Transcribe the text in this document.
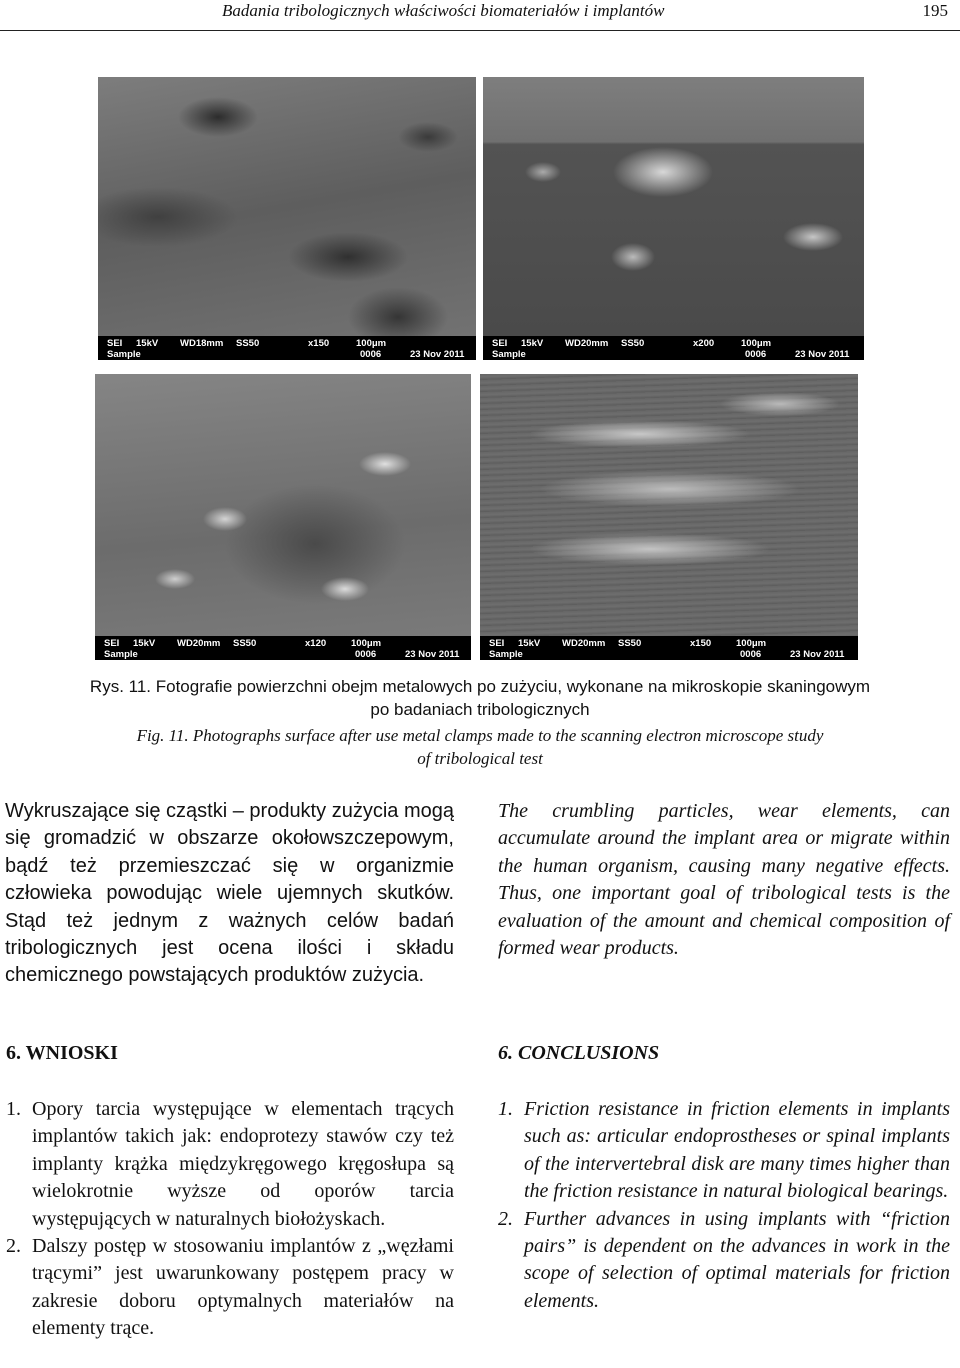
Badania tribologicznych właściwości biomateriałów i implantów	195
SEI 15kV WD18mm SS50	x150	100μm
Sample	0006	23 Nov 2011
SEI 15kV WD20mm SS50	x200	100μm
Sample	0006	23 Nov 2011
SEI 15kV WD20mm SS50	x120	100μm
Sample	0006	23 Nov 2011
SEI 15kV WD20mm SS50	x150	100μm
Sample	0006	23 Nov 2011
Rys. 11. Fotografie powierzchni obejm metalowych po zużyciu, wykonane na mikroskopie skaningowym
po badaniach tribologicznych
Fig. 11. Photographs surface after use metal clamps made to the scanning electron microscope study
of tribological test
Wykruszające się cząstki – produkty zużycia mogą się gromadzić w obszarze okołowszczepowym, bądź też przemieszczać się w organizmie człowieka powodując wiele ujemnych skutków. Stąd też jednym z ważnych celów badań tribologicznych jest ocena ilości i składu chemicznego powstających produktów zużycia.
The crumbling particles, wear elements, can accumulate around the implant area or migrate within the human organism, causing many negative effects. Thus, one important goal of tribological tests is the evaluation of the amount and chemical composition of formed wear products.
6. WNIOSKI	6. CONCLUSIONS
1. Opory tarcia występujące w elementach trących implantów takich jak: endoprotezy stawów czy też implanty krążka międzykręgowego kręgosłupa są wielokrotnie wyższe od oporów tarcia występujących w naturalnych biołożyskach.
2. Dalszy postęp w stosowaniu implantów z „węzłami trącymi” jest uwarunkowany postępem pracy w zakresie doboru optymalnych materiałów na elementy trące.
1. Friction resistance in friction elements in implants such as: articular endoprostheses or spinal implants of the intervertebral disk are many times higher than the friction resistance in natural biological bearings.
2. Further advances in using implants with “friction pairs” is dependent on the advances in work in the scope of selection of optimal materials for friction elements.
